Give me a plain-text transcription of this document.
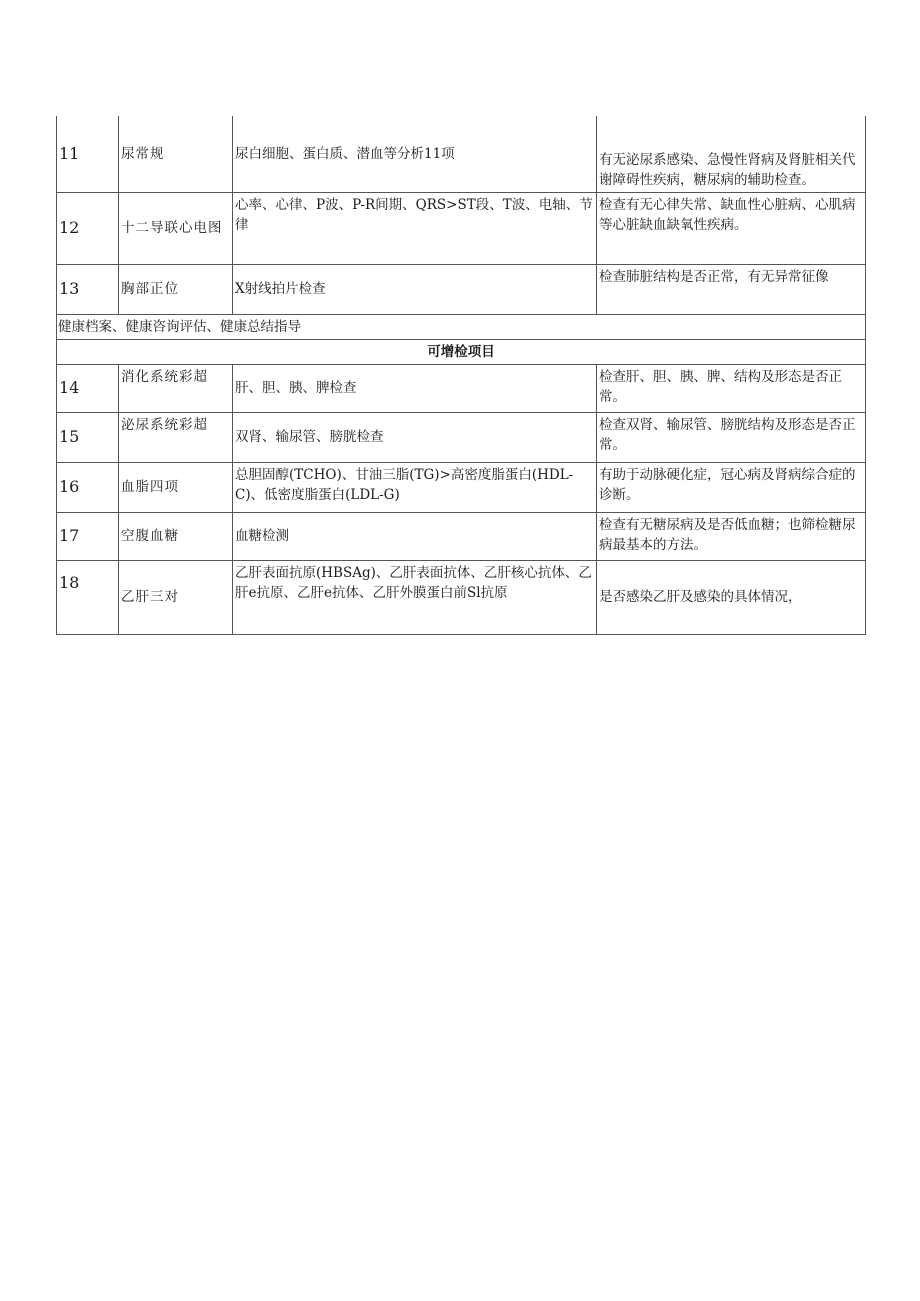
11	尿常规	尿白细胞、蛋白质、潜血等分析11项	有无泌尿系感染、急慢性肾病及肾脏相关代谢障碍性疾病，糖尿病的辅助检查。
12	十二导联心电图	心率、心律、P波、P-R间期、QRS>ST段、T波、电轴、节律	检查有无心律失常、缺血性心脏病、心肌病等心脏缺血缺氧性疾病。
13	胸部正位	X射线拍片检查	检查肺脏结构是否正常，有无异常征像
健康档案、健康咨询评估、健康总结指导			
可增检项目			
14	消化系统彩超	肝、胆、胰、脾检查	检查肝、胆、胰、脾、结构及形态是否正常。
15	泌尿系统彩超	双肾、输尿管、膀胱检查	检查双肾、输尿管、膀胱结构及形态是否正常。
16	血脂四项	总胆固醇(TCHO)、甘油三脂(TG)>高密度脂蛋白(HDL-C)、低密度脂蛋白(LDL-G)	有助于动脉硬化症，冠心病及肾病综合症的诊断。
17	空腹血糖	血糖检测	检查有无糖尿病及是否低血糖；也筛检糖尿病最基本的方法。
18	乙肝三对	乙肝表面抗原(HBSAg)、乙肝表面抗体、乙肝核心抗体、乙肝e抗原、乙肝e抗体、乙肝外膜蛋白前Sl抗原	是否感染乙肝及感染的具体情况，
